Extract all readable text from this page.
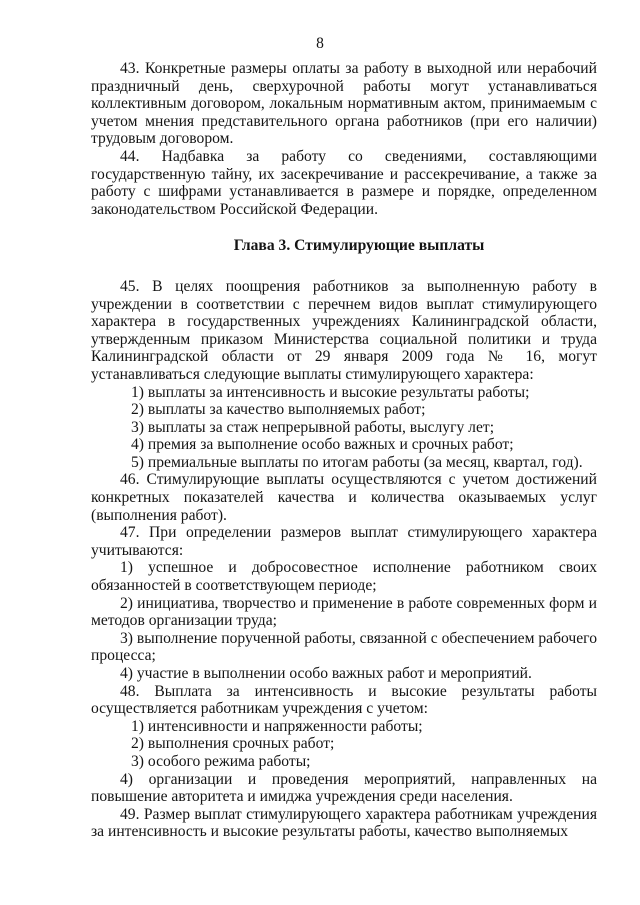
8

43. Конкретные размеры оплаты за работу в выходной или нерабочий

праздничный день, сверхурочной работы могут устанавливаться коллективным договором, локальным нормативным актом, принимаемым с учетом мнения представительного органа работников (при его наличии) трудовым договором.

44. Надбавка за работу со сведениями, составляющими

государственную тайну, их засекречивание и рассекречивание, а также за работу с шифрами устанавливается в размере и порядке, определенном законодательством Российской Федерации.

Глава 3. Стимулирующие выплаты

45. В целях поощрения работников за выполненную работу в учреждении в соответствии с перечнем видов выплат стимулирующего характера в государственных учреждениях Калининградской области, утвержденным приказом Министерства социальной политики и труда Калининградской области от 29 января 2009 года № 16, могут устанавливаться следующие выплаты стимулирующего характера:

1) выплаты за интенсивность и высокие результаты работы;

2) выплаты за качество выполняемых работ;

3) выплаты за стаж непрерывной работы, выслугу лет;

4) премия за выполнение особо важных и срочных работ;

5) премиальные выплаты по итогам работы (за месяц, квартал, год).

46. Стимулирующие выплаты осуществляются с учетом достижений конкретных показателей качества и количества оказываемых услуг (выполнения работ).

47. При определении размеров выплат стимулирующего характера учитываются:

1) успешное и добросовестное исполнение работником своих обязанностей в соответствующем периоде;

2) инициатива, творчество и применение в работе современных форм и методов организации труда;

3) выполнение порученной работы, связанной с обеспечением рабочего процесса;

4) участие в выполнении особо важных работ и мероприятий.

48. Выплата за интенсивность и высокие результаты работы осуществляется работникам учреждения с учетом:

1) интенсивности и напряженности работы;

2) выполнения срочных работ;

3) особого режима работы;

4) организации и проведения мероприятий, направленных на повышение авторитета и имиджа учреждения среди населения.

49. Размер выплат стимулирующего характера работникам учреждения за интенсивность и высокие результаты работы, качество выполняемых
